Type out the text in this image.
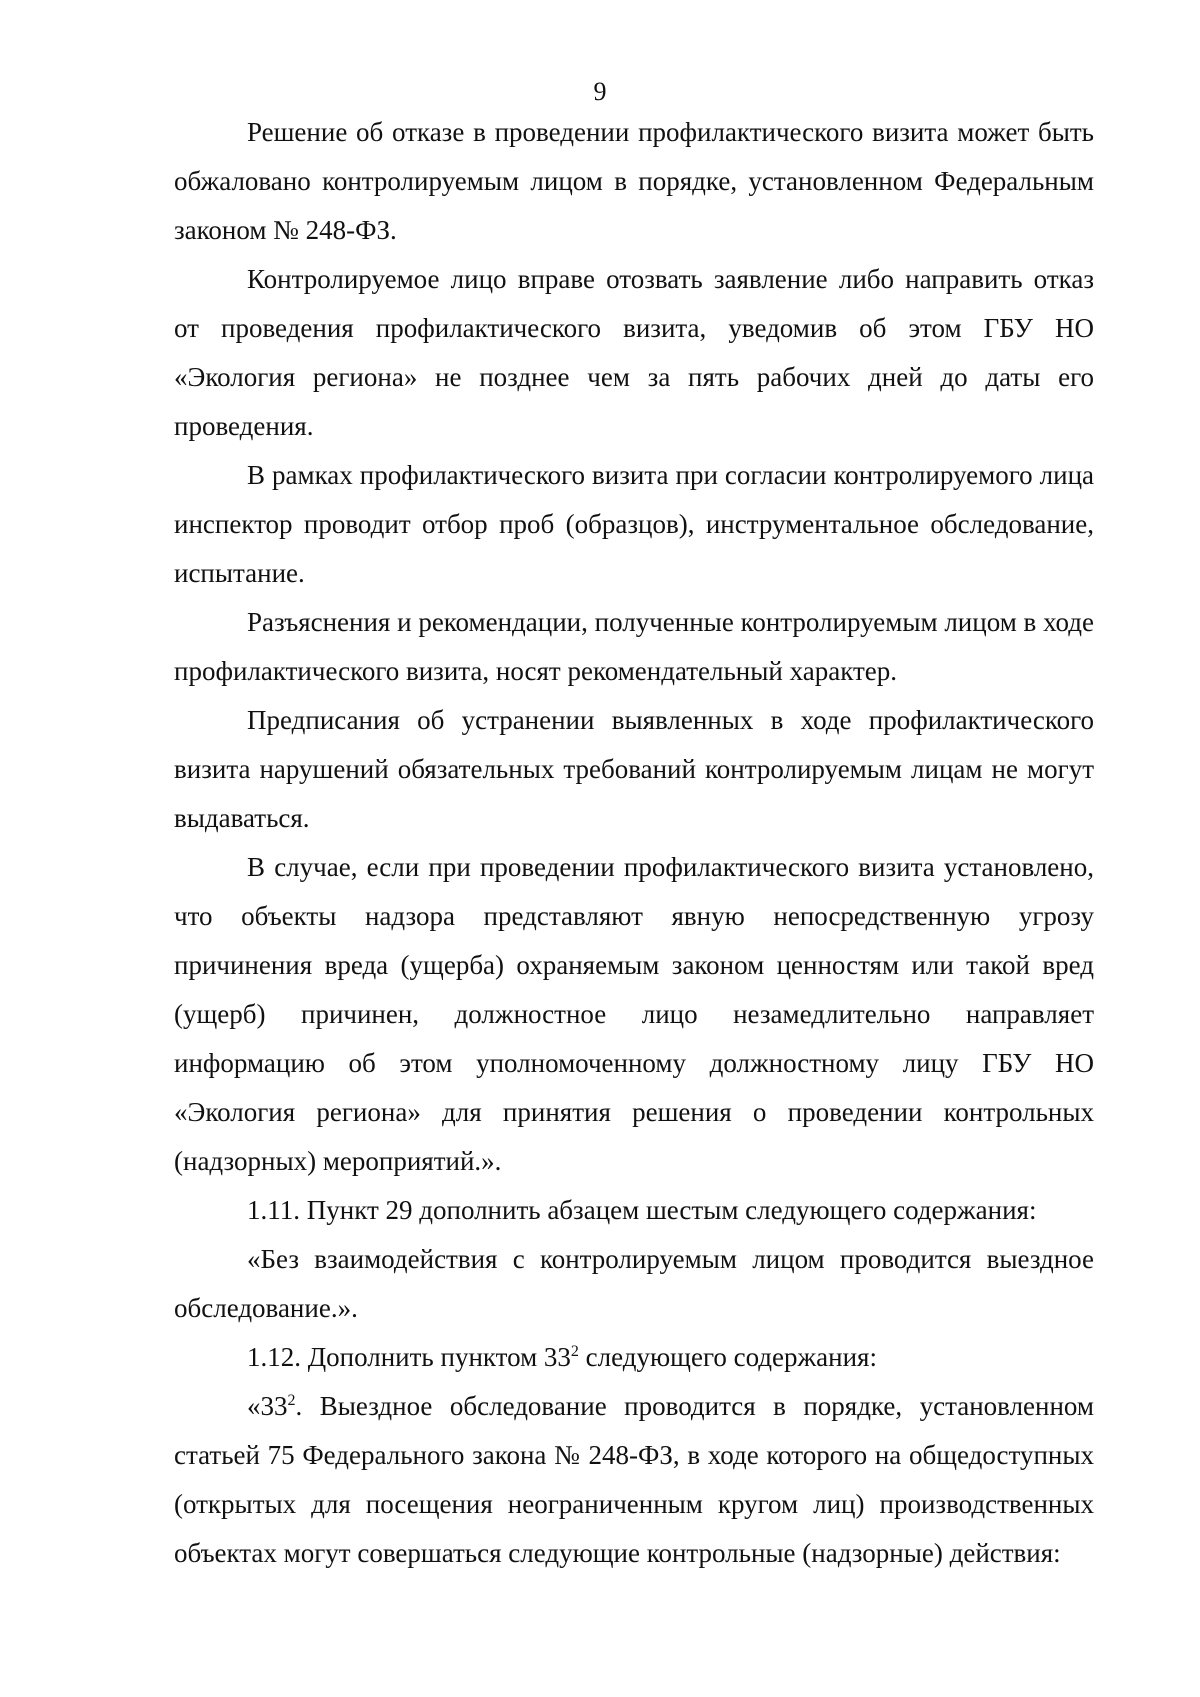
9

Решение об отказе в проведении профилактического визита может быть обжаловано контролируемым лицом в порядке, установленном Федеральным законом № 248-ФЗ.

Контролируемое лицо вправе отозвать заявление либо направить отказ от проведения профилактического визита, уведомив об этом ГБУ НО «Экология региона» не позднее чем за пять рабочих дней до даты его проведения.

В рамках профилактического визита при согласии контролируемого лица инспектор проводит отбор проб (образцов), инструментальное обследование, испытание.

Разъяснения и рекомендации, полученные контролируемым лицом в ходе профилактического визита, носят рекомендательный характер.

Предписания об устранении выявленных в ходе профилактического визита нарушений обязательных требований контролируемым лицам не могут выдаваться.

В случае, если при проведении профилактического визита установлено, что объекты надзора представляют явную непосредственную угрозу причинения вреда (ущерба) охраняемым законом ценностям или такой вред (ущерб) причинен, должностное лицо незамедлительно направляет информацию об этом уполномоченному должностному лицу ГБУ НО «Экология региона» для принятия решения о проведении контрольных (надзорных) мероприятий.».

1.11. Пункт 29 дополнить абзацем шестым следующего содержания:

«Без взаимодействия с контролируемым лицом проводится выездное обследование.».

1.12. Дополнить пунктом $33^2$ следующего содержания:

«$33^2$. Выездное обследование проводится в порядке, установленном статьей 75 Федерального закона № 248-ФЗ, в ходе которого на общедоступных (открытых для посещения неограниченным кругом лиц) производственных объектах могут совершаться следующие контрольные (надзорные) действия:
